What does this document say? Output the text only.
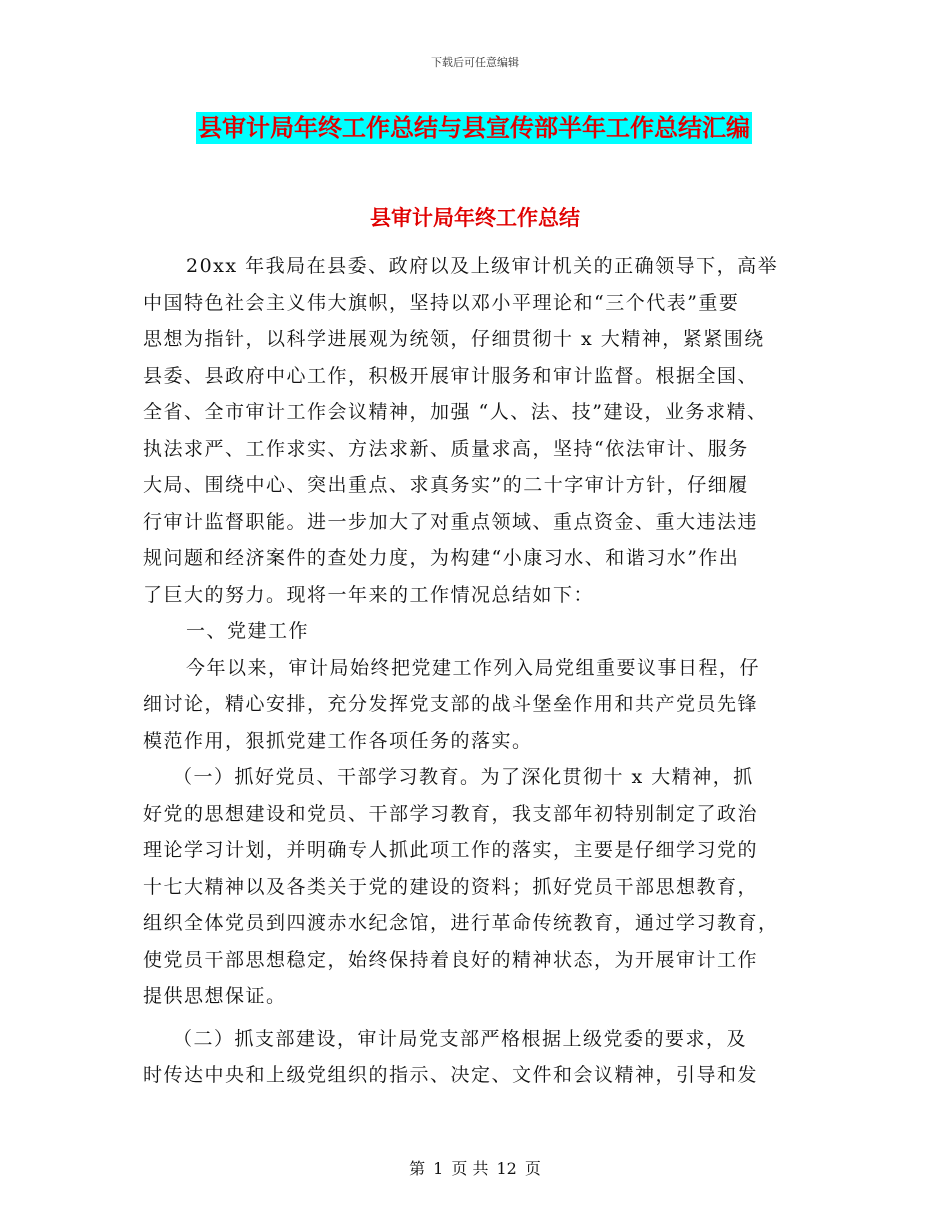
下载后可任意编辑
县审计局年终工作总结与县宣传部半年工作总结汇编
县审计局年终工作总结
20xx 年我局在县委、政府以及上级审计机关的正确领导下，高举
中国特色社会主义伟大旗帜，坚持以邓小平理论和“三个代表”重要
思想为指针，以科学进展观为统领，仔细贯彻十 x 大精神，紧紧围绕
县委、县政府中心工作，积极开展审计服务和审计监督。根据全国、
全省、全市审计工作会议精神，加强 “人、法、技”建设，业务求精、
执法求严、工作求实、方法求新、质量求高，坚持“依法审计、服务
大局、围绕中心、突出重点、求真务实”的二十字审计方针，仔细履
行审计监督职能。进一步加大了对重点领域、重点资金、重大违法违
规问题和经济案件的查处力度，为构建“小康习水、和谐习水”作出
了巨大的努力。现将一年来的工作情况总结如下：
一、党建工作
今年以来，审计局始终把党建工作列入局党组重要议事日程，仔
细讨论，精心安排，充分发挥党支部的战斗堡垒作用和共产党员先锋
模范作用，狠抓党建工作各项任务的落实。
（一）抓好党员、干部学习教育。为了深化贯彻十 x 大精神，抓
好党的思想建设和党员、干部学习教育，我支部年初特别制定了政治
理论学习计划，并明确专人抓此项工作的落实，主要是仔细学习党的
十七大精神以及各类关于党的建设的资料；抓好党员干部思想教育，
组织全体党员到四渡赤水纪念馆，进行革命传统教育，通过学习教育，
使党员干部思想稳定，始终保持着良好的精神状态，为开展审计工作
提供思想保证。
（二）抓支部建设，审计局党支部严格根据上级党委的要求，及
时传达中央和上级党组织的指示、决定、文件和会议精神，引导和发
第 1 页 共 12 页
